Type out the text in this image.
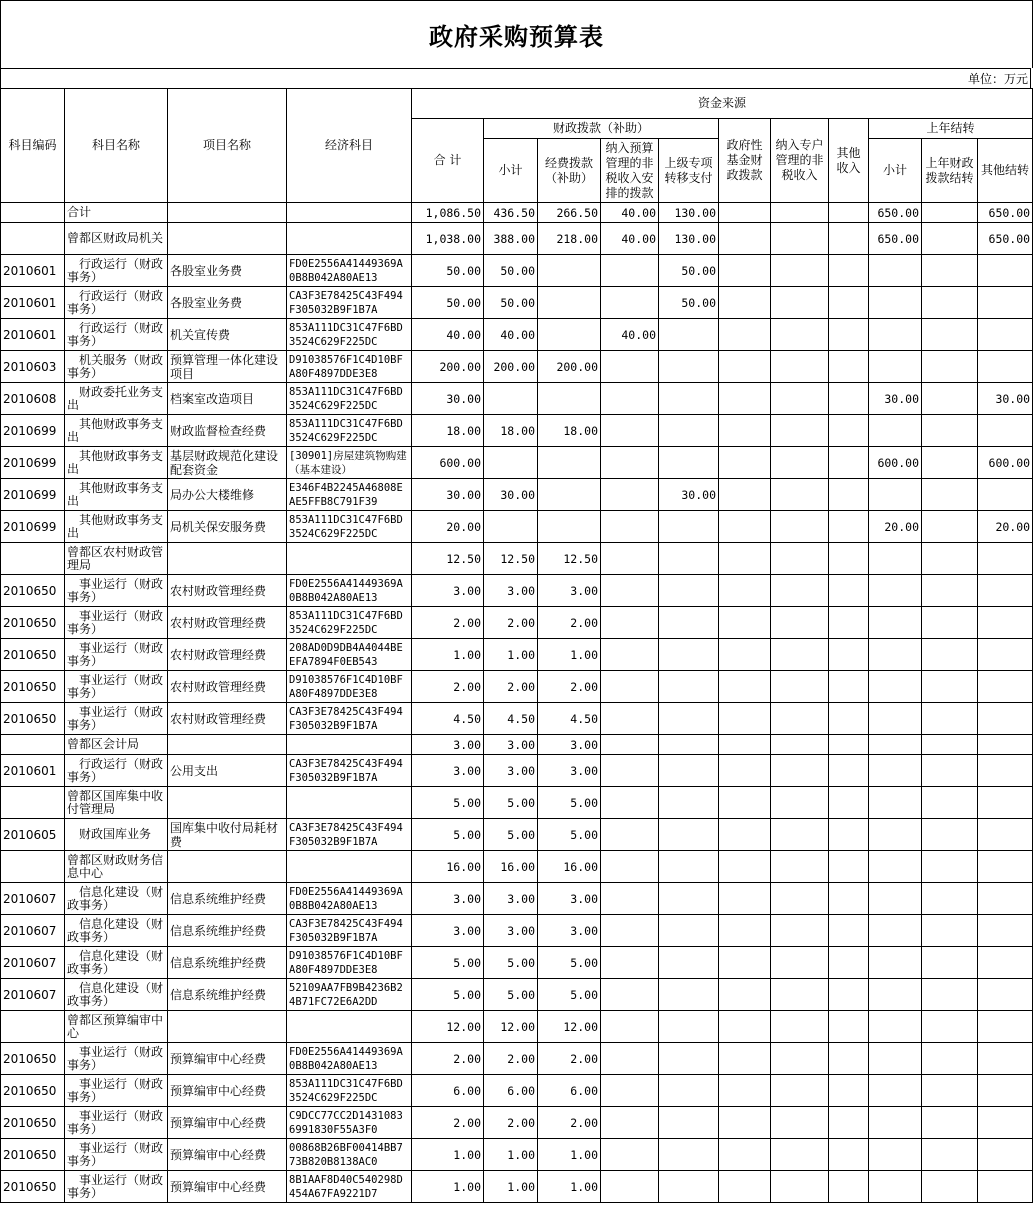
政府采购预算表
单位：万元
科目编码	科目名称	项目名称	经济科目	资金来源										
				合 计	财政拨款（补助）				政府性基金财政拨款	纳入专户管理的非税收入	其他收入	上年结转		
					小计	经费拨款（补助）	纳入预算管理的非税收入安排的拨款	上级专项转移支付				小计	上年财政拨款结转	其他结转
	合计			1,086.50	436.50	266.50	40.00	130.00				650.00		650.00
	曾都区财政局机关			1,038.00	388.00	218.00	40.00	130.00				650.00		650.00
2010601	　行政运行（财政事务）	各股室业务费	FD0E2556A41449369A0B8B042A80AE13	50.00	50.00			50.00						
2010601	　行政运行（财政事务）	各股室业务费	CA3F3E78425C43F494F305032B9F1B7A	50.00	50.00			50.00						
2010601	　行政运行（财政事务）	机关宣传费	853A111DC31C47F6BD3524C629F225DC	40.00	40.00		40.00							
2010603	　机关服务（财政事务）	预算管理一体化建设项目	D91038576F1C4D10BFA80F4897DDE3E8	200.00	200.00	200.00								
2010608	　财政委托业务支出	档案室改造项目	853A111DC31C47F6BD3524C629F225DC	30.00								30.00		30.00
2010699	　其他财政事务支出	财政监督检查经费	853A111DC31C47F6BD3524C629F225DC	18.00	18.00	18.00								
2010699	　其他财政事务支出	基层财政规范化建设配套资金	[30901]房屋建筑物购建（基本建设）	600.00								600.00		600.00
2010699	　其他财政事务支出	局办公大楼维修	E346F4B2245A46808EAE5FFB8C791F39	30.00	30.00			30.00						
2010699	　其他财政事务支出	局机关保安服务费	853A111DC31C47F6BD3524C629F225DC	20.00								20.00		20.00
	曾都区农村财政管理局			12.50	12.50	12.50								
2010650	　事业运行（财政事务）	农村财政管理经费	FD0E2556A41449369A0B8B042A80AE13	3.00	3.00	3.00								
2010650	　事业运行（财政事务）	农村财政管理经费	853A111DC31C47F6BD3524C629F225DC	2.00	2.00	2.00								
2010650	　事业运行（财政事务）	农村财政管理经费	208AD0D9DB4A4044BEEFA7894F0EB543	1.00	1.00	1.00								
2010650	　事业运行（财政事务）	农村财政管理经费	D91038576F1C4D10BFA80F4897DDE3E8	2.00	2.00	2.00								
2010650	　事业运行（财政事务）	农村财政管理经费	CA3F3E78425C43F494F305032B9F1B7A	4.50	4.50	4.50								
	曾都区会计局			3.00	3.00	3.00								
2010601	　行政运行（财政事务）	公用支出	CA3F3E78425C43F494F305032B9F1B7A	3.00	3.00	3.00								
	曾都区国库集中收付管理局			5.00	5.00	5.00								
2010605	　财政国库业务	国库集中收付局耗材费	CA3F3E78425C43F494F305032B9F1B7A	5.00	5.00	5.00								
	曾都区财政财务信息中心			16.00	16.00	16.00								
2010607	　信息化建设（财政事务）	信息系统维护经费	FD0E2556A41449369A0B8B042A80AE13	3.00	3.00	3.00								
2010607	　信息化建设（财政事务）	信息系统维护经费	CA3F3E78425C43F494F305032B9F1B7A	3.00	3.00	3.00								
2010607	　信息化建设（财政事务）	信息系统维护经费	D91038576F1C4D10BFA80F4897DDE3E8	5.00	5.00	5.00								
2010607	　信息化建设（财政事务）	信息系统维护经费	52109AA7FB9B4236B24B71FC72E6A2DD	5.00	5.00	5.00								
	曾都区预算编审中心			12.00	12.00	12.00								
2010650	　事业运行（财政事务）	预算编审中心经费	FD0E2556A41449369A0B8B042A80AE13	2.00	2.00	2.00								
2010650	　事业运行（财政事务）	预算编审中心经费	853A111DC31C47F6BD3524C629F225DC	6.00	6.00	6.00								
2010650	　事业运行（财政事务）	预算编审中心经费	C9DCC77CC2D14310836991830F55A3F0	2.00	2.00	2.00								
2010650	　事业运行（财政事务）	预算编审中心经费	00868B26BF00414BB773B820B8138AC0	1.00	1.00	1.00								
2010650	　事业运行（财政事务）	预算编审中心经费	8B1AAF8D40C540298D454A67FA9221D7	1.00	1.00	1.00								
